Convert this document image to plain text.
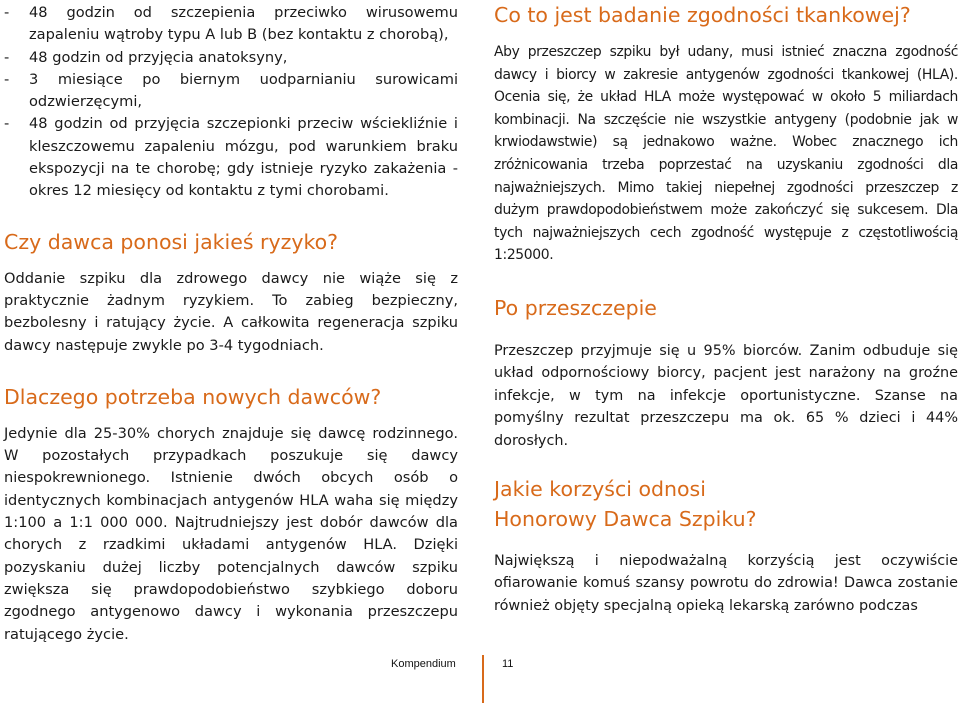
- 48 godzin od szczepienia przeciwko wirusowemu zapaleniu wątroby typu A lub B (bez kontaktu z chorobą),
- 48 godzin od przyjęcia anatoksyny,
- 3 miesiące po biernym uodparnianiu surowicami odzwierzęcymi,
- 48 godzin od przyjęcia szczepionki przeciw wściekliźnie i kleszczowemu zapaleniu mózgu, pod warunkiem braku ekspozycji na te chorobę; gdy istnieje ryzyko zakażenia - okres 12 miesięcy od kontaktu z tymi chorobami.
Czy dawca ponosi jakieś ryzyko?

Oddanie szpiku dla zdrowego dawcy nie wiąże się z praktycznie żadnym ryzykiem. To zabieg bezpieczny, bezbolesny i ratujący życie. A całkowita regeneracja szpiku dawcy następuje zwykle po 3-4 tygodniach.

Dlaczego potrzeba nowych dawców?

Jedynie dla 25-30% chorych znajduje się dawcę rodzinnego. W pozostałych przypadkach poszukuje się dawcy niespokrewnionego. Istnienie dwóch obcych osób o identycznych kombinacjach antygenów HLA waha się między 1:100 a 1:1 000 000. Najtrudniejszy jest dobór dawców dla chorych z rzadkimi układami antygenów HLA. Dzięki pozyskaniu dużej liczby potencjalnych dawców szpiku zwiększa się prawdopodobieństwo szybkiego doboru zgodnego antygenowo dawcy i wykonania przeszczepu ratującego życie.

Co to jest badanie zgodności tkankowej?

Aby przeszczep szpiku był udany, musi istnieć znaczna zgodność dawcy i biorcy w zakresie antygenów zgodności tkankowej (HLA). Ocenia się, że układ HLA może występować w około 5 miliardach kombinacji. Na szczęście nie wszystkie antygeny (podobnie jak w krwiodawstwie) są jednakowo ważne. Wobec znacznego ich zróżnicowania trzeba poprzestać na uzyskaniu zgodności dla najważniejszych. Mimo takiej niepełnej zgodności przeszczep z dużym prawdopodobieństwem może zakończyć się sukcesem. Dla tych najważniejszych cech zgodność występuje z częstotliwością 1:25000.

Po przeszczepie

Przeszczep przyjmuje się u 95% biorców. Zanim odbuduje się układ odpornościowy biorcy, pacjent jest narażony na groźne infekcje, w tym na infekcje oportunistyczne. Szanse na pomyślny rezultat przeszczepu ma ok. 65 % dzieci i 44% dorosłych.

Jakie korzyści odnosi Honorowy Dawca Szpiku?

Największą i niepodważalną korzyścią jest oczywiście ofiarowanie komuś szansy powrotu do zdrowia! Dawca zostanie również objęty specjalną opieką lekarską zarówno podczas

Kompendium	11
